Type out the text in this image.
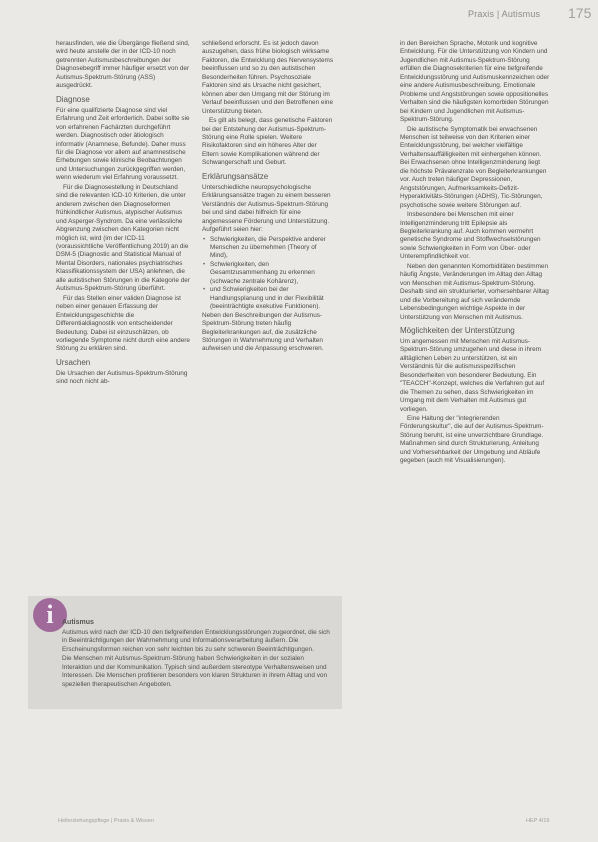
Praxis | Autismus 175

herausfinden, wie die Übergänge fließend sind, wird heute anstelle der in der ICD-10 noch getrennten Autismusbeschreibungen der Diagnosebegriff immer häufiger ersetzt von der Autismus-Spektrum-Störung (ASS) ausgedrückt.

Diagnose

Für eine qualifizierte Diagnose sind viel Erfahrung und Zeit erforderlich. Dabei sollte sie von erfahrenen Fachärzten durchgeführt werden. Diagnostisch oder ätiologisch informativ (Anamnese, Befunde). Daher muss für die Diagnose vor allem auf anamnestische Erhebungen sowie klinische Beobachtungen und Untersuchungen zurückgegriffen werden, wenn wiederum viel Erfahrung voraussetzt.

Für die Diagnosestellung in Deutschland sind die relevanten ICD-10 Kriterien, die unter anderem zwischen den Diagnoseformen frühkindlicher Autismus, atypischer Autismus und Asperger-Syndrom. Da eine verlässliche Abgrenzung zwischen den Kategorien nicht möglich ist, wird (im der ICD-11 (voraussichtliche Veröffentlichung 2019) an die DSM-5 (Diagnostic and Statistical Manual of Mental Disorders, nationales psychiatrisches Klassifikationssystem der USA) anlehnen, die alle autistischen Störungen in die Kategorie der Autismus-Spektrum-Störung überführt.

Für das Stellen einer validen Diagnose ist neben einer genauen Erfassung der Entwicklungsgeschichte die Differentialdiagnostik von entscheidender Bedeutung. Dabei ist einzuschätzen, ob vorliegende Symptome nicht durch eine andere Störung zu erklären sind.

Ursachen

Die Ursachen der Autismus-Spektrum-Störung sind noch nicht ab-

schließend erforscht. Es ist jedoch davon auszugehen, dass frühe biologisch wirksame Faktoren, die Entwicklung des Nervensystems beeinflussen und so zu den autistischen Besonderheiten führen. Psychosoziale Faktoren sind als Ursache nicht gesichert, können aber den Umgang mit der Störung im Verlauf beeinflussen und den Betroffenen eine Unterstützung bieten.

Es gilt als belegt, dass genetische Faktoren bei der Entstehung der Autismus-Spektrum-Störung eine Rolle spielen. Weitere Risikofaktoren sind ein höheres Alter der Eltern sowie Komplikationen während der Schwangerschaft und Geburt.

Erklärungsansätze

Unterschiedliche neuropsychologische Erklärungsansätze tragen zu einem besseren Verständnis der Autismus-Spektrum-Störung bei und sind dabei hilfreich für eine angemessene Förderung und Unterstützung. Aufgeführt seien hier:

• Schwierigkeiten, die Perspektive anderer Menschen zu übernehmen (Theory of Mind),
• Schwierigkeiten, den Gesamtzusammenhang zu erkennen (schwache zentrale Kohärenz),
• und Schwierigkeiten bei der Handlungsplanung und in der Flexibilität (beeinträchtigte exekutive Funktionen).

Neben den Beschreibungen der Autismus-Spektrum-Störung treten häufig Begleiterkrankungen auf, die zusätzliche Störungen in Wahrnehmung und Verhalten aufweisen und die Anpassung erschweren.

in den Bereichen Sprache, Motorik und kognitive Entwicklung. Für die Unterstützung von Kindern und Jugendlichen mit Autismus-Spektrum-Störung erfüllen die Diagnosekriterien für eine tiefgreifende Entwicklungsstörung und Autismuskennzeichen oder eine andere Autismusbeschreibung. Emotionale Probleme und Angststörungen sowie oppositionelles Verhalten sind die häufigsten komorbiden Störungen bei Kindern und Jugendlichen mit Autismus-Spektrum-Störung.

Die autistische Symptomatik bei erwachsenen Menschen ist teilweise von den Kriterien einer Entwicklungsstörung, bei welcher vielfältige Verhaltensauffälligkeiten mit einhergehen können. Bei Erwachsenen ohne Intelligenzminderung liegt die höchste Prävalenzrate von Begleiterkrankungen vor. Auch treten häufiger Depressionen, Angststörungen, Aufmerksamkeits-Defizit-Hyperaktivitäts-Störungen (ADHS), Tic-Störungen, psychotische sowie weitere Störungen auf.

Insbesondere bei Menschen mit einer Intelligenzminderung tritt Epilepsie als Begleiterkrankung auf. Auch kommen vermehrt genetische Syndrome und Stoffwechselstörungen sowie Schwierigkeiten in Form von Über- oder Unterempfindlichkeit vor.

Neben den genannten Komorbiditäten bestimmen häufig Ängste, Veränderungen im Alltag den Alltag von Menschen mit Autismus-Spektrum-Störung. Deshalb sind ein strukturierter, vorhersehbarer Alltag und die Vorbereitung auf sich verändernde Lebensbedingungen wichtige Aspekte in der Unterstützung von Menschen mit Autismus.

Möglichkeiten der Unterstützung

Um angemessen mit Menschen mit Autismus-Spektrum-Störung umzugehen und diese in ihrem alltäglichen Leben zu unterstützen, ist ein Verständnis für die autismusspezifischen Besonderheiten von besonderer Bedeutung. Ein "TEACCH"-Konzept, welches die Verfahren gut auf die Themen zu sehen, dass Schwierigkeiten im Umgang mit dem Verhalten mit Autismus gut vorliegen.

Eine Haltung der "integrierenden Förderungskultur", die auf der Autismus-Spektrum-Störung beruht, ist eine unverzichtbare Grundlage. Maßnahmen sind durch Strukturierung, Anleitung und Vorhersehbarkeit der Umgebung und Abläufe gegeben (auch mit Visualisierungen).

i	Autismus

Autismus wird nach der ICD-10 den tiefgreifenden Entwicklungsstörungen zugeordnet, die sich in Beeinträchtigungen der Wahrnehmung und Informationsverarbeitung äußern. Die Erscheinungsformen reichen von sehr leichten bis zu sehr schweren Beeinträchtigungen.

Die Menschen mit Autismus-Spektrum-Störung haben Schwierigkeiten in der sozialen Interaktion und der Kommunikation. Typisch sind außerdem stereotype Verhaltensweisen und Interessen. Die Menschen profitieren besonders von klaren Strukturen in ihrem Alltag und von speziellen therapeutischen Angeboten.

Heilerziehungspflege | Praxis & Wissen	HEP 4/19
